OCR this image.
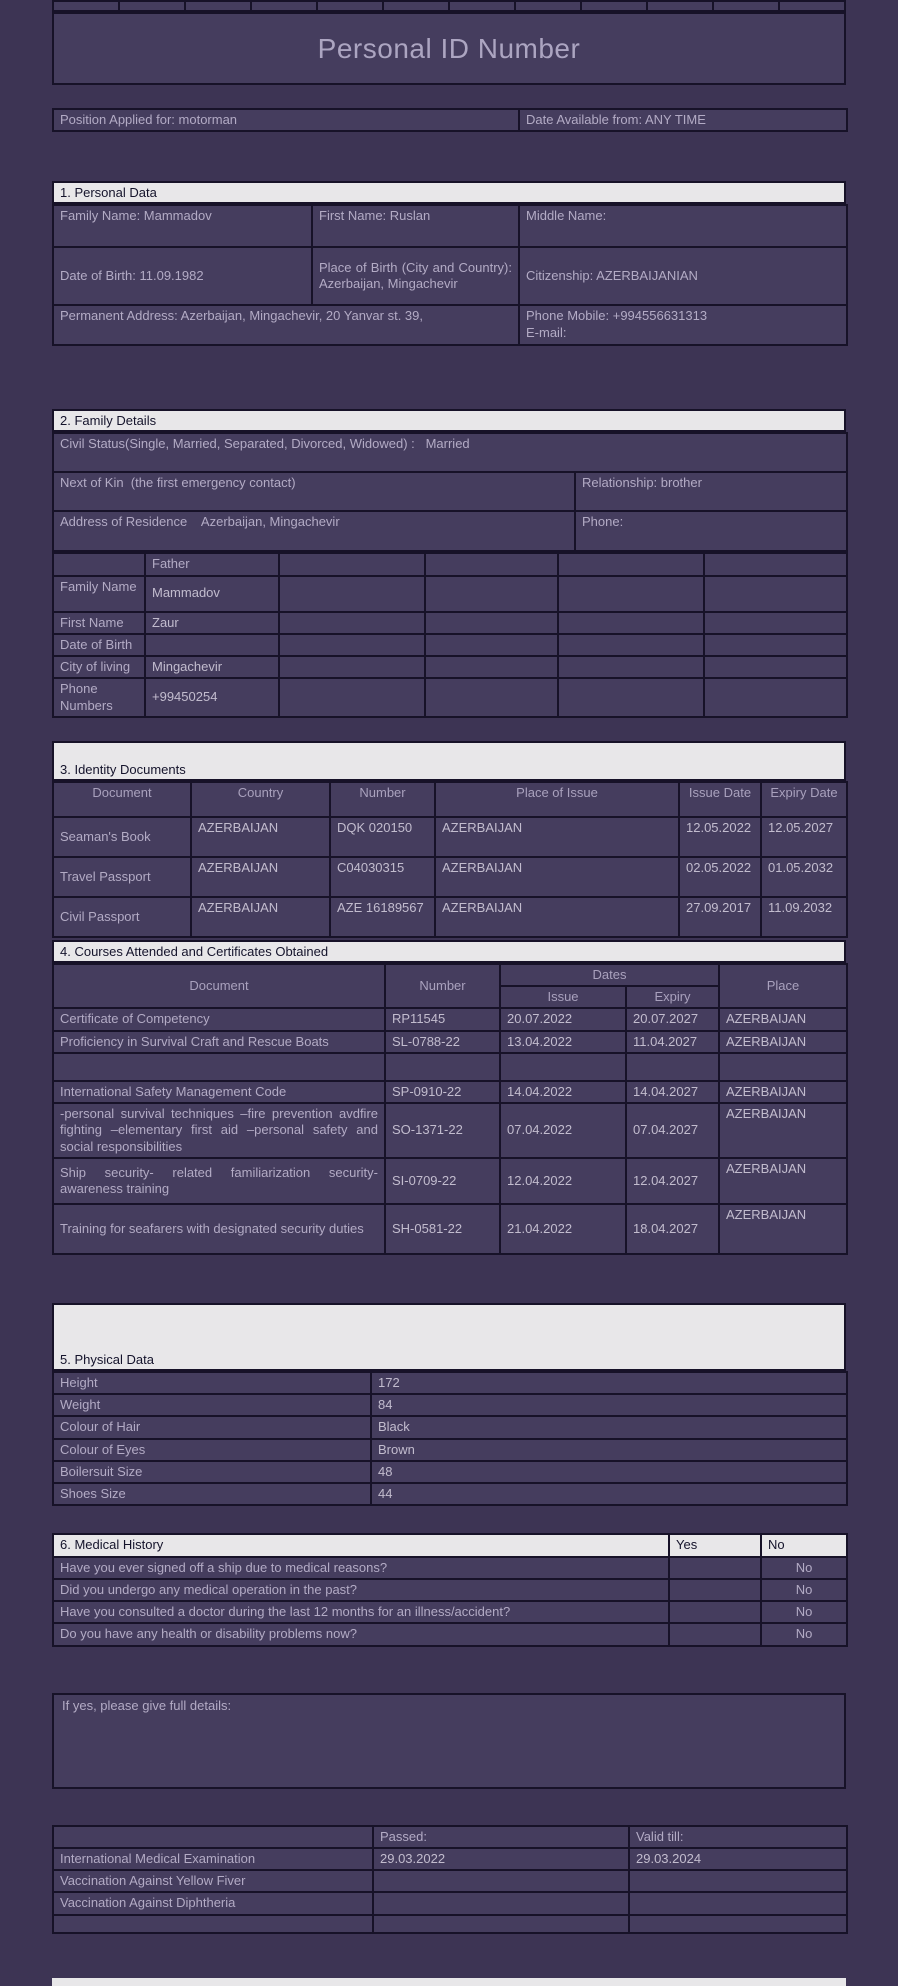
Personal ID Number
Position Applied for: motorman	Date Available from: ANY TIME
1. Personal Data
Family Name: Mammadov	First Name: Ruslan	Middle Name:
Date of Birth: 11.09.1982	Place of Birth (City and Country): Azerbaijan, Mingachevir	Citizenship: AZERBAIJANIAN
Permanent Address: Azerbaijan, Mingachevir, 20 Yanvar st. 39,		Phone Mobile: +994556631313
E-mail:
2. Family Details
Civil Status(Single, Married, Separated, Divorced, Widowed) :   Married	
Next of Kin  (the first emergency contact)	Relationship: brother
Address of Residence    Azerbaijan, Mingachevir	Phone:
	Father				
Family Name	Mammadov				
First Name	Zaur				
Date of Birth					
City of living	Mingachevir				
Phone Numbers	+99450254				
3. Identity Documents
Document	Country	Number	Place of Issue	Issue Date	Expiry Date
Seaman's Book	AZERBAIJAN	DQK 020150	AZERBAIJAN	12.05.2022	12.05.2027
Travel Passport	AZERBAIJAN	C04030315	AZERBAIJAN	02.05.2022	01.05.2032
Civil Passport	AZERBAIJAN	AZE 16189567	AZERBAIJAN	27.09.2017	11.09.2032
4. Courses Attended and Certificates Obtained
Document	Number	Dates		Place
		Issue	Expiry	
Certificate of Competency	RP11545	20.07.2022	20.07.2027	AZERBAIJAN
Proficiency in Survival Craft and Rescue Boats	SL-0788-22	13.04.2022	11.04.2027	AZERBAIJAN

International Safety Management Code	SP-0910-22	14.04.2022	14.04.2027	AZERBAIJAN
-personal survival techniques –fire prevention avdfire fighting –elementary first aid –personal safety and social responsibilities	SO-1371-22	07.04.2022	07.04.2027	AZERBAIJAN
Ship security- related familiarization security-awareness training	SI-0709-22	12.04.2022	12.04.2027	AZERBAIJAN
Training for seafarers with designated security duties	SH-0581-22	21.04.2022	18.04.2027	AZERBAIJAN
5. Physical Data
Height	172
Weight	84
Colour of Hair	Black
Colour of Eyes	Brown
Boilersuit Size	48
Shoes Size	44
6. Medical History	Yes	No
Have you ever signed off a ship due to medical reasons?		No
Did you undergo any medical operation in the past?		No
Have you consulted a doctor during the last 12 months for an illness/accident?		No
Do you have any health or disability problems now?		No
If yes, please give full details:
	Passed:	Valid till:
International Medical Examination	29.03.2022	29.03.2024
Vaccination Against Yellow Fiver		
Vaccination Against Diphtheria		
